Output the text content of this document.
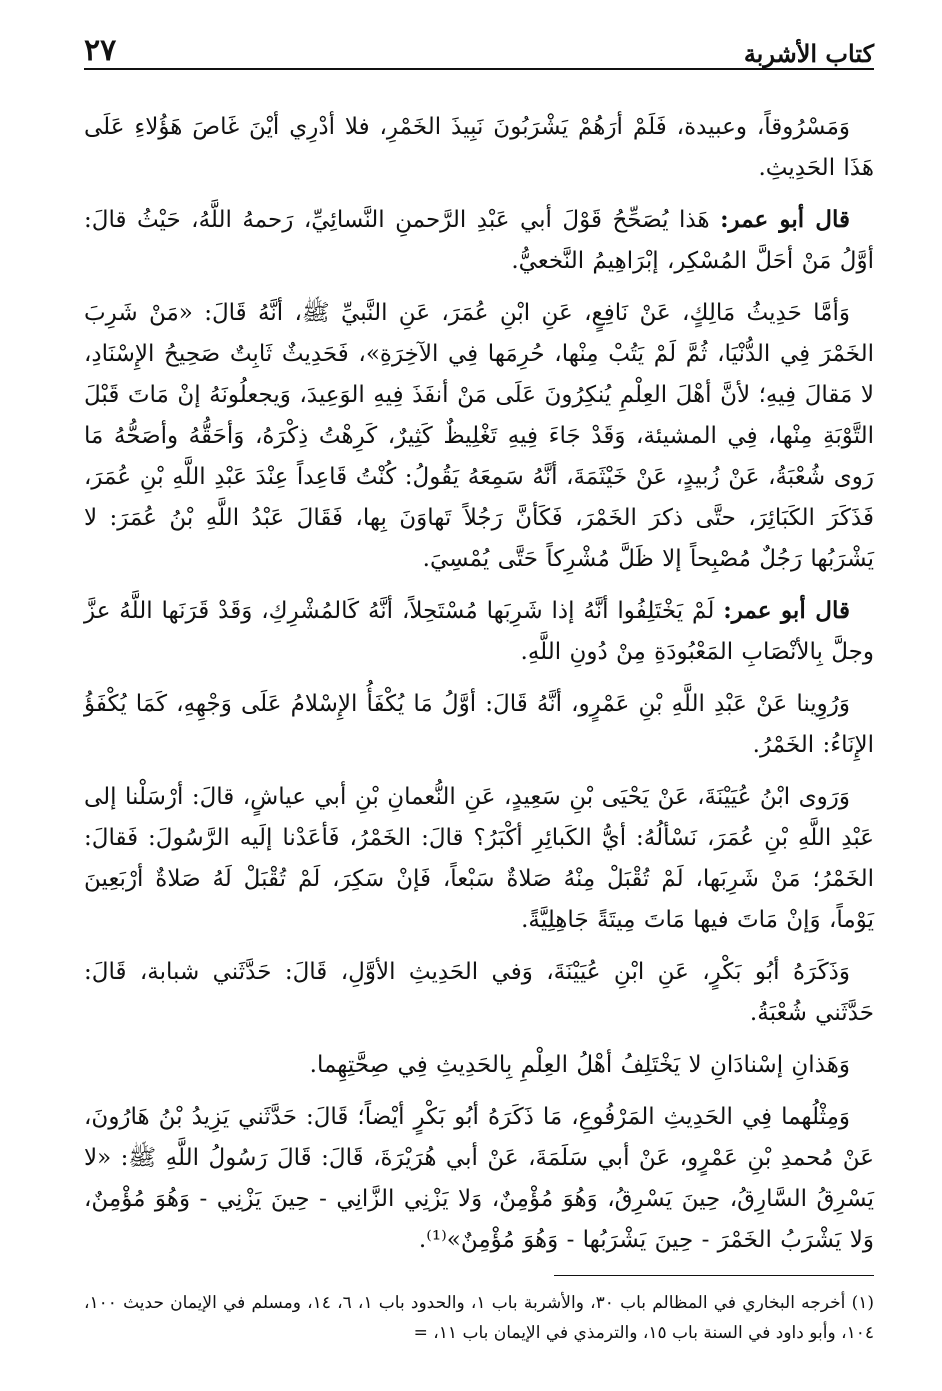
كتاب الأشربة
٢٧

وَمَسْرُوقاً، وعبيدة، فَلَمْ أرَهُمْ يَشْرَبُونَ نَبِيذَ الخَمْرِ، فلا أدْرِي أيْنَ غَاصَ هَؤُلاءِ عَلَى هَذَا الحَدِيثِ.

قال أبو عمر: هَذا يُصَحِّحُ قَوْلَ أبي عَبْدِ الرَّحمنِ النَّسائِيِّ، رَحمهُ اللَّهُ، حَيْثُ قالَ: أوَّلُ مَنْ أحَلَّ المُسْكِر، إبْرَاهِيمُ النَّخعيُّ.

وَأمَّا حَدِيثُ مَالِكٍ، عَنْ نَافِعٍ، عَنِ ابْنِ عُمَرَ، عَنِ النَّبيِّ ﷺ، أنَّهُ قَالَ: «مَنْ شَرِبَ الخَمْرَ فِي الدُّنْيَا، ثُمَّ لَمْ يَتُبْ مِنْها، حُرِمَها فِي الآخِرَةِ»، فَحَدِيثٌ ثَابِتٌ صَحِيحُ الإِسْنَادِ، لا مَقالَ فِيهِ؛ لأنَّ أهْلَ العِلْمِ يُنكِرُونَ عَلَى مَنْ أنفَذَ فِيهِ الوَعِيدَ، وَيجعلُونَهُ إنْ مَاتَ قَبْلَ التَّوْبَةِ مِنْها، فِي المشيئة، وَقَدْ جَاءَ فِيهِ تَغْلِيظٌ كَثِيرٌ، كَرِهْتُ ذِكْرَهُ، وَأحَقُّهُ وأصَحُّهُ مَا رَوى شُعْبَةُ، عَنْ زُبيدٍ، عَنْ خَيْثَمَةَ، أنَّهُ سَمِعَهُ يَقُولُ: كُنْتُ قَاعِداً عِنْدَ عَبْدِ اللَّهِ بْنِ عُمَرَ، فَذَكَرَ الكَبَائِرَ، حتَّى ذكرَ الخَمْرَ، فَكَأنَّ رَجُلاً تَهاوَنَ بِها، فَقَالَ عَبْدُ اللَّهِ بْنُ عُمَرَ: لا يَشْرَبُها رَجُلٌ مُصْبِحاً إلا ظَلَّ مُشْرِكاً حَتَّى يُمْسِيَ.

قال أبو عمر: لَمْ يَخْتَلِفُوا أنَّهُ إذا شَرِبَها مُسْتَحِلاً، أنَّهُ كَالمُشْرِكِ، وَقَدْ قَرَنَها اللَّهُ عزَّ وجلَّ بِالأنْصَابِ المَعْبُودَةِ مِنْ دُونِ اللَّهِ.

وَرُوِينا عَنْ عَبْدِ اللَّهِ بْنِ عَمْرٍو، أنَّهُ قَالَ: أوَّلُ مَا يُكْفَأُ الإِسْلامُ عَلَى وَجْهِهِ، كَمَا يُكْفَؤُ الإِنَاءُ: الخَمْرُ.

وَرَوى ابْنُ عُيَيْنَةَ، عَنْ يَحْيَى بْنِ سَعِيدٍ، عَنِ النُّعمانِ بْنِ أبي عياشٍ، قالَ: أرْسَلْنا إلى عَبْدِ اللَّهِ بْنِ عُمَرَ، نَسْألُهُ: أيُّ الكَبائِرِ أكْبَرُ؟ قالَ: الخَمْرُ، فَأعَدْنا إلَيه الرَّسُولَ: فَقالَ: الخَمْرُ؛ مَنْ شَرِبَها، لَمْ تُقْبَلْ مِنْهُ صَلاةٌ سَبْعاً، فَإنْ سَكِرَ، لَمْ تُقْبَلْ لَهُ صَلاةٌ أرْبَعِينَ يَوْماً، وَإنْ مَاتَ فيها مَاتَ مِيتَةً جَاهِلِيَّةً.

وَذَكَرَهُ أبُو بَكْرٍ، عَنِ ابْنِ عُيَيْنَةَ، وَفي الحَدِيثِ الأوَّلِ، قَالَ: حَدَّثَني شبابة، قَالَ: حَدَّثَني شُعْبَةُ.

وَهَذانِ إسْنادَانِ لا يَخْتَلِفُ أهْلُ العِلْمِ بِالحَدِيثِ فِي صِحَّتِهِما.

وَمِثْلُهما فِي الحَدِيثِ المَرْفُوعِ، مَا ذَكَرَهُ أبُو بَكْرٍ أيْضاً؛ قَالَ: حَدَّثَني يَزِيدُ بْنُ هَارُونَ، عَنْ مُحمدِ بْنِ عَمْرٍو، عَنْ أبي سَلَمَةَ، عَنْ أبي هُرَيْرَةَ، قَالَ: قَالَ رَسُولُ اللَّهِ ﷺ: «لا يَسْرِقُ السَّارِقُ، حِينَ يَسْرِقُ، وَهُوَ مُؤْمِنٌ، وَلا يَزْنِي الزَّانِي - حِينَ يَزْنِي - وَهُوَ مُؤْمِنٌ، وَلا يَشْرَبُ الخَمْرَ - حِينَ يَشْرَبُها - وَهُوَ مُؤْمِنٌ»⁽¹⁾.

(١) أخرجه البخاري في المظالم باب ٣٠، والأشربة باب ١، والحدود باب ١، ٦، ١٤، ومسلم في الإيمان حديث ١٠٠، ١٠٤، وأبو داود في السنة باب ١٥، والترمذي في الإيمان باب ١١، =
